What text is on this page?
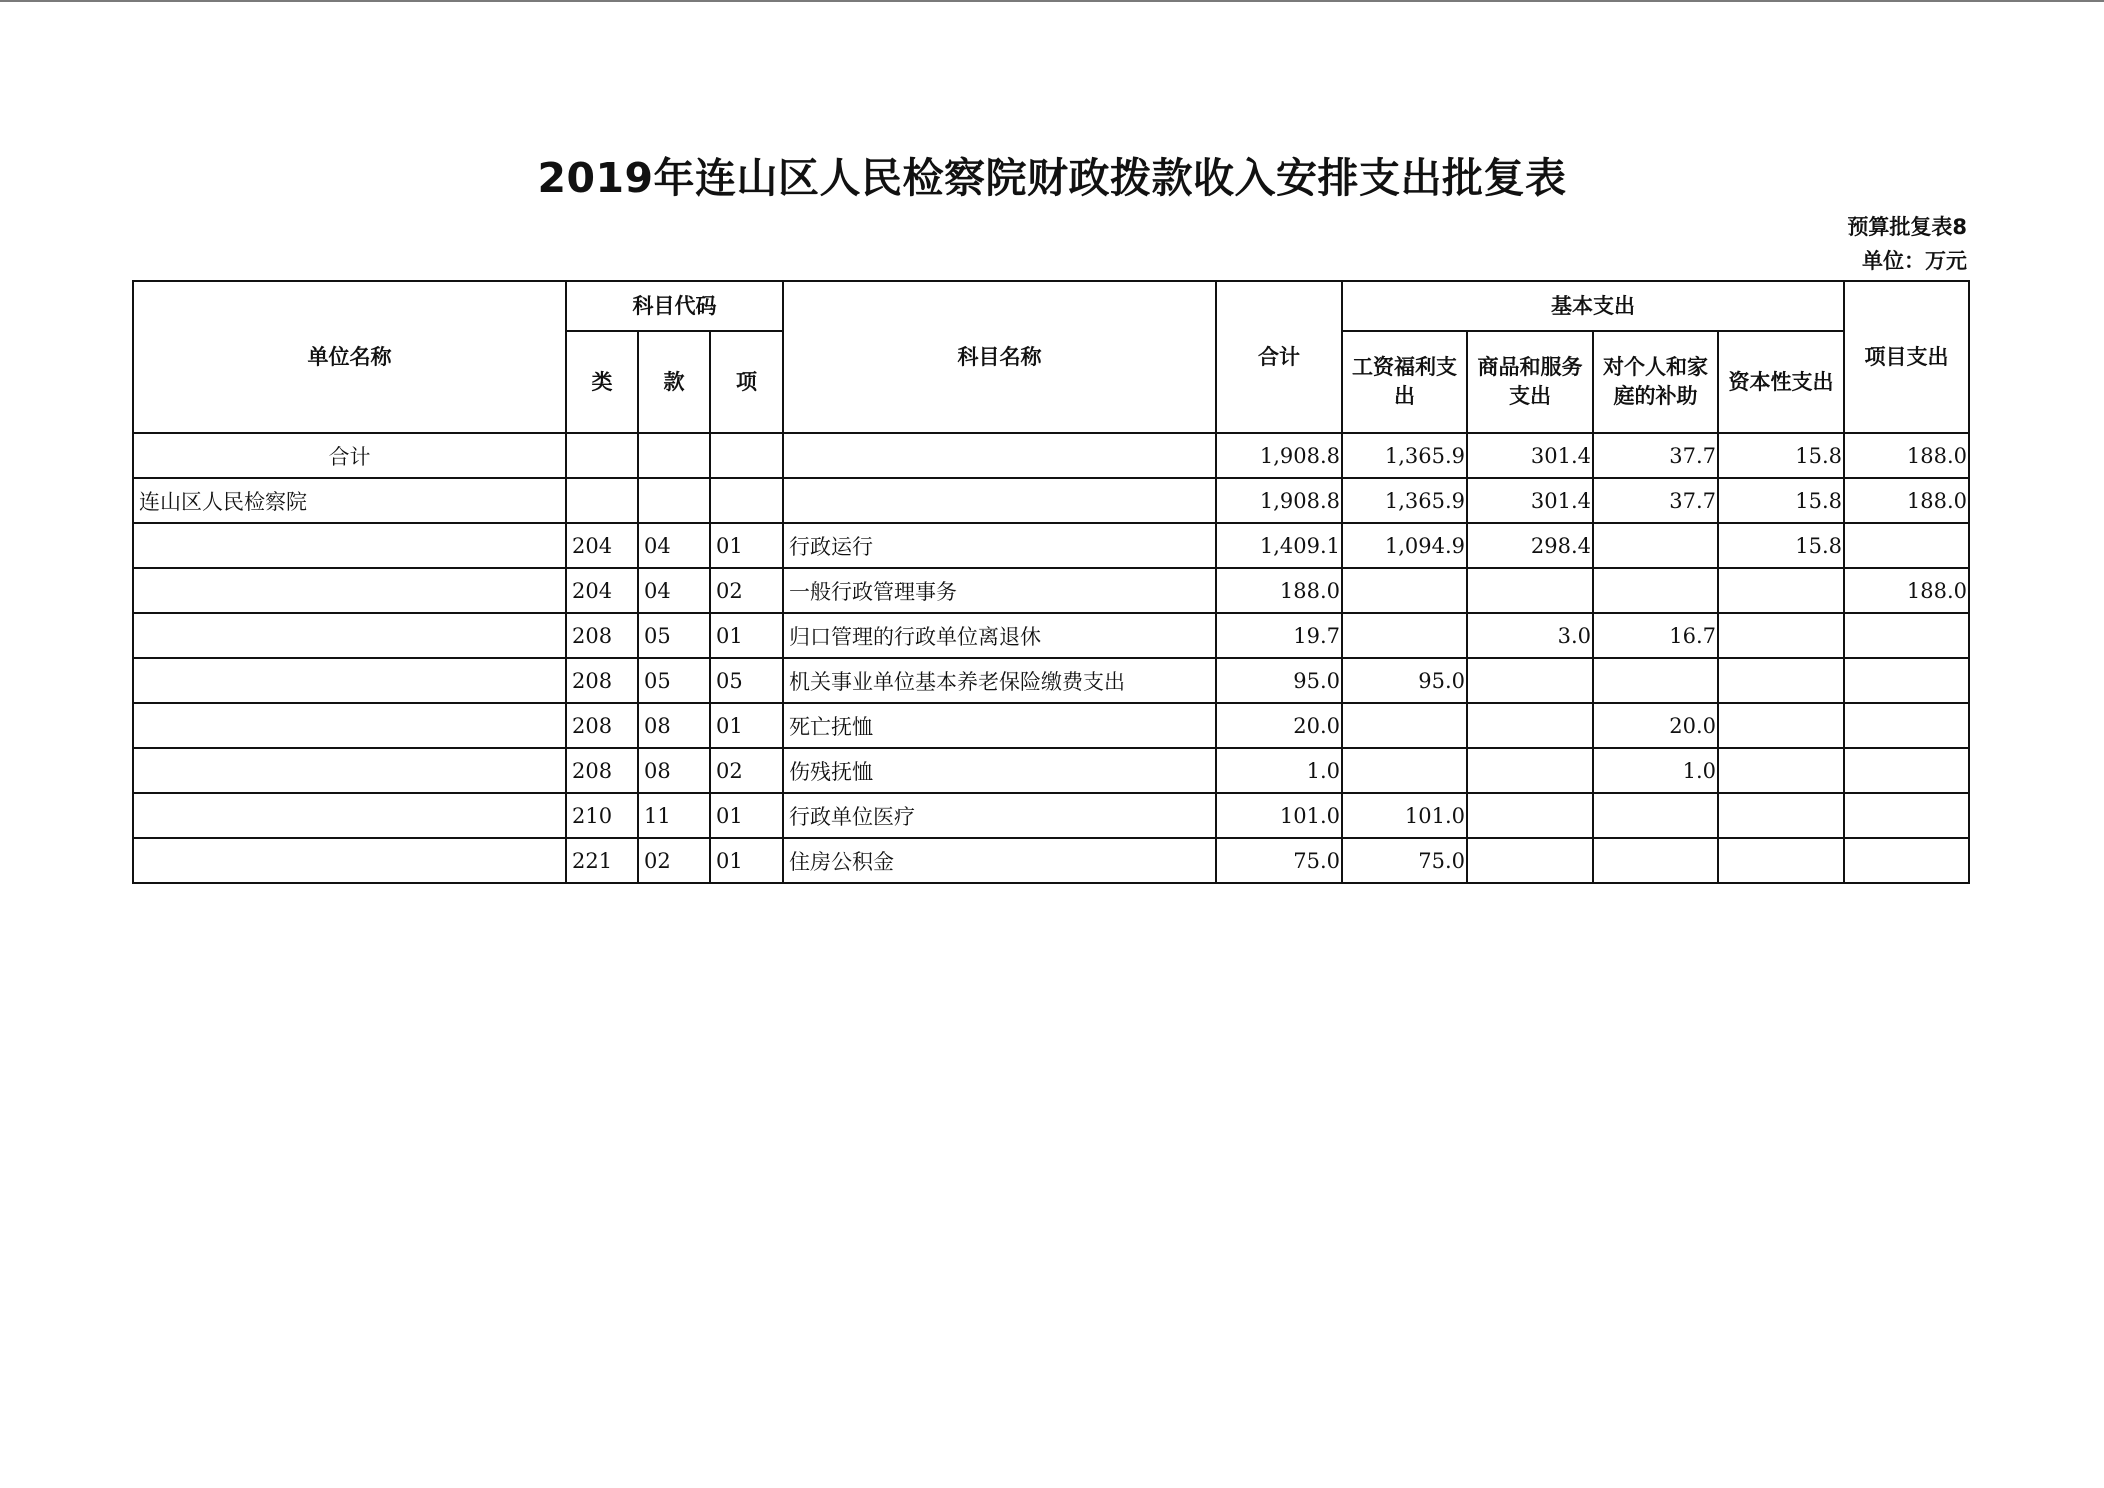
2019年连山区人民检察院财政拨款收入安排支出批复表
预算批复表8
单位：万元
单位名称	科目代码			科目名称	合计	基本支出				项目支出
	类	款	项			工资福利支出	商品和服务支出	对个人和家庭的补助	资本性支出	
合计					1,908.8	1,365.9	301.4	37.7	15.8	188.0
连山区人民检察院					1,908.8	1,365.9	301.4	37.7	15.8	188.0
	204	04	01	行政运行	1,409.1	1,094.9	298.4		15.8	
	204	04	02	一般行政管理事务	188.0					188.0
	208	05	01	归口管理的行政单位离退休	19.7		3.0	16.7		
	208	05	05	机关事业单位基本养老保险缴费支出	95.0	95.0				
	208	08	01	死亡抚恤	20.0			20.0		
	208	08	02	伤残抚恤	1.0			1.0		
	210	11	01	行政单位医疗	101.0	101.0				
	221	02	01	住房公积金	75.0	75.0				
